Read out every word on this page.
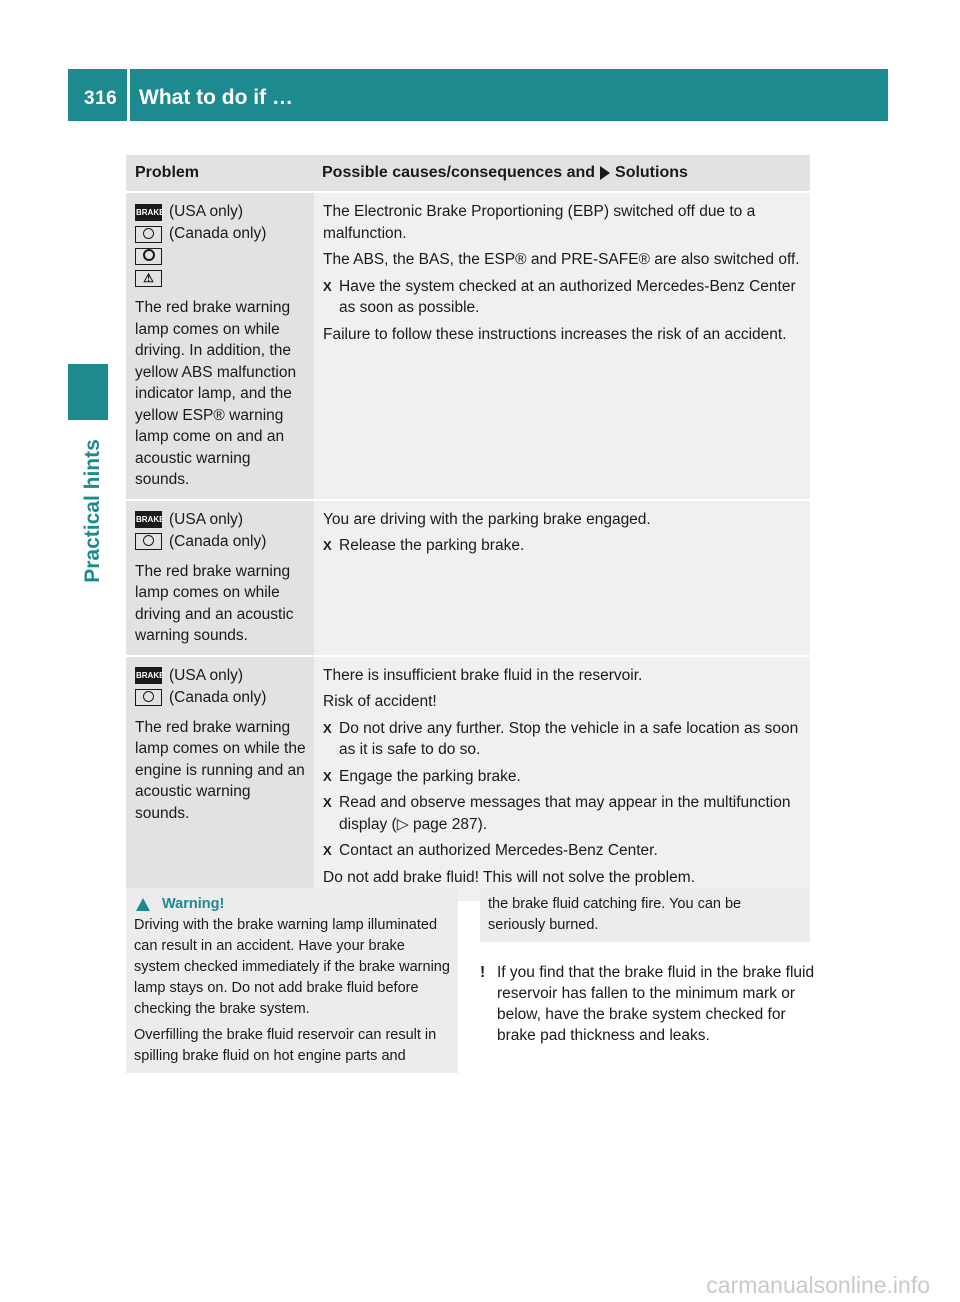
316 What to do if …
Practical hints
Problem	Possible causes/consequences and Solutions
BRAKE (USA only)
(Canada only)
⚠
The red brake warning lamp comes on while driving. In addition, the yellow ABS malfunction indicator lamp, and the yellow ESP® warning lamp come on and an acoustic warning sounds.

The Electronic Brake Proportioning (EBP) switched off due to a malfunction.

The ABS, the BAS, the ESP® and PRE-SAFE® are also switched off.

X Have the system checked at an authorized Mercedes-Benz Center as soon as possible.

Failure to follow these instructions increases the risk of an accident.

BRAKE (USA only)
(Canada only)
The red brake warning lamp comes on while driving and an acoustic warning sounds.

You are driving with the parking brake engaged.

X Release the parking brake.
BRAKE (USA only)
(Canada only)
The red brake warning lamp comes on while the engine is running and an acoustic warning sounds.

There is insufficient brake fluid in the reservoir.

Risk of accident!

X Do not drive any further. Stop the vehicle in a safe location as soon as it is safe to do so.
X Engage the parking brake.
X Read and observe messages that may appear in the multifunction display (▷ page 287).
X Contact an authorized Mercedes-Benz Center.

Do not add brake fluid! This will not solve the problem.

Warning!

Driving with the brake warning lamp illuminated can result in an accident. Have your brake system checked immediately if the brake warning lamp stays on. Do not add brake fluid before checking the brake system.

Overfilling the brake fluid reservoir can result in spilling brake fluid on hot engine parts and

the brake fluid catching fire. You can be seriously burned.
! If you find that the brake fluid in the brake fluid reservoir has fallen to the minimum mark or below, have the brake system checked for brake pad thickness and leaks.
carmanualsonline.info
